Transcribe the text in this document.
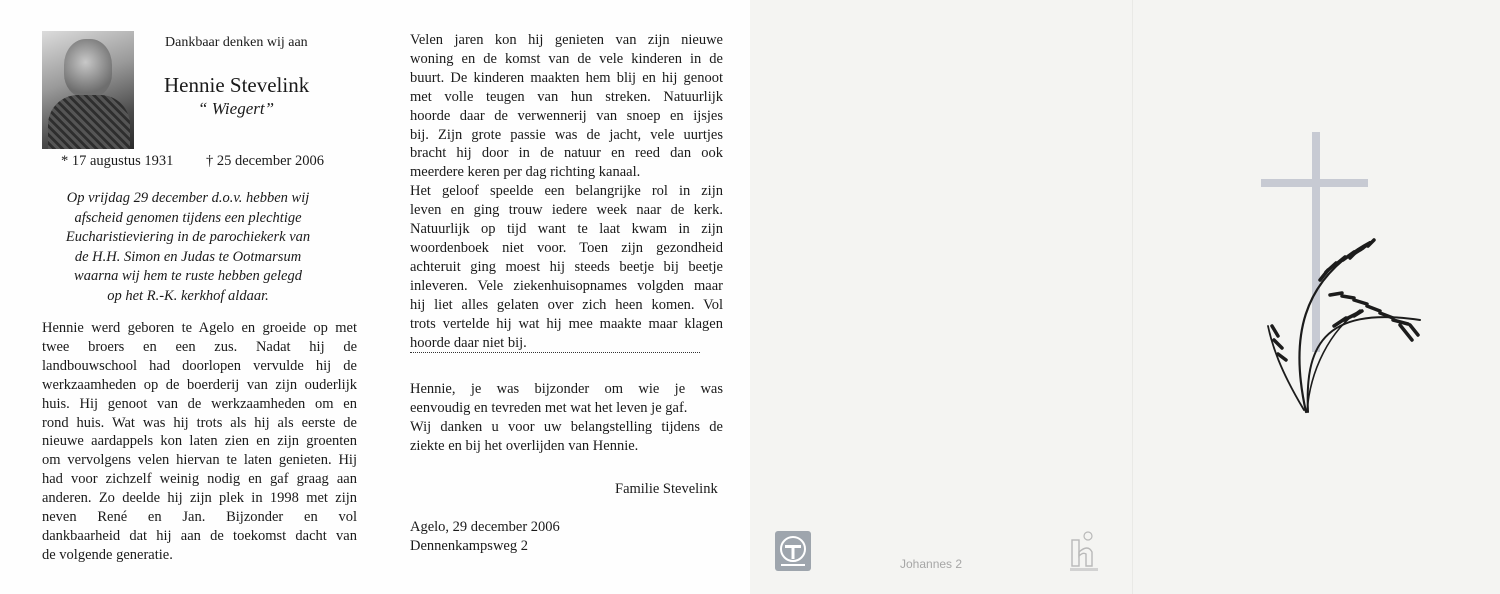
Dankbaar denken wij aan
Hennie Stevelink
“ Wiegert”
* 17 augustus 1931 † 25 december 2006
Op vrijdag 29 december d.o.v. hebben wij
afscheid genomen tijdens een plechtige
Eucharistieviering in de parochiekerk van
de H.H. Simon en Judas te Ootmarsum
waarna wij hem te ruste hebben gelegd
op het R.-K. kerkhof aldaar.
Hennie werd geboren te Agelo en groeide op met
twee broers en een zus. Nadat hij de
landbouwschool had doorlopen vervulde hij de
werkzaamheden op de boerderij van zijn ouderlijk
huis. Hij genoot van de werkzaamheden om en
rond huis. Wat was hij trots als hij als eerste de
nieuwe aardappels kon laten zien en zijn groenten
om vervolgens velen hiervan te laten genieten. Hij
had voor zichzelf weinig nodig en gaf graag aan
anderen. Zo deelde hij zijn plek in 1998 met zijn
neven René en Jan. Bijzonder en vol
dankbaarheid dat hij aan de toekomst dacht van
de volgende generatie.
Velen jaren kon hij genieten van zijn nieuwe
woning en de komst van de vele kinderen in de
buurt. De kinderen maakten hem blij en hij genoot
met volle teugen van hun streken. Natuurlijk
hoorde daar de verwennerij van snoep en ijsjes
bij. Zijn grote passie was de jacht, vele uurtjes
bracht hij door in de natuur en reed dan ook
meerdere keren per dag richting kanaal.
Het geloof speelde een belangrijke rol in zijn
leven en ging trouw iedere week naar de kerk.
Natuurlijk op tijd want te laat kwam in zijn
woordenboek niet voor. Toen zijn gezondheid
achteruit ging moest hij steeds beetje bij beetje
inleveren. Vele ziekenhuisopnames volgden maar
hij liet alles gelaten over zich heen komen. Vol
trots vertelde hij wat hij mee maakte maar klagen
hoorde daar niet bij.
Hennie, je was bijzonder om wie je was
eenvoudig en tevreden met wat het leven je gaf.
Wij danken u voor uw belangstelling tijdens de
ziekte en bij het overlijden van Hennie.
Familie Stevelink
Agelo, 29 december 2006
Dennenkampsweg 2
Johannes 2
